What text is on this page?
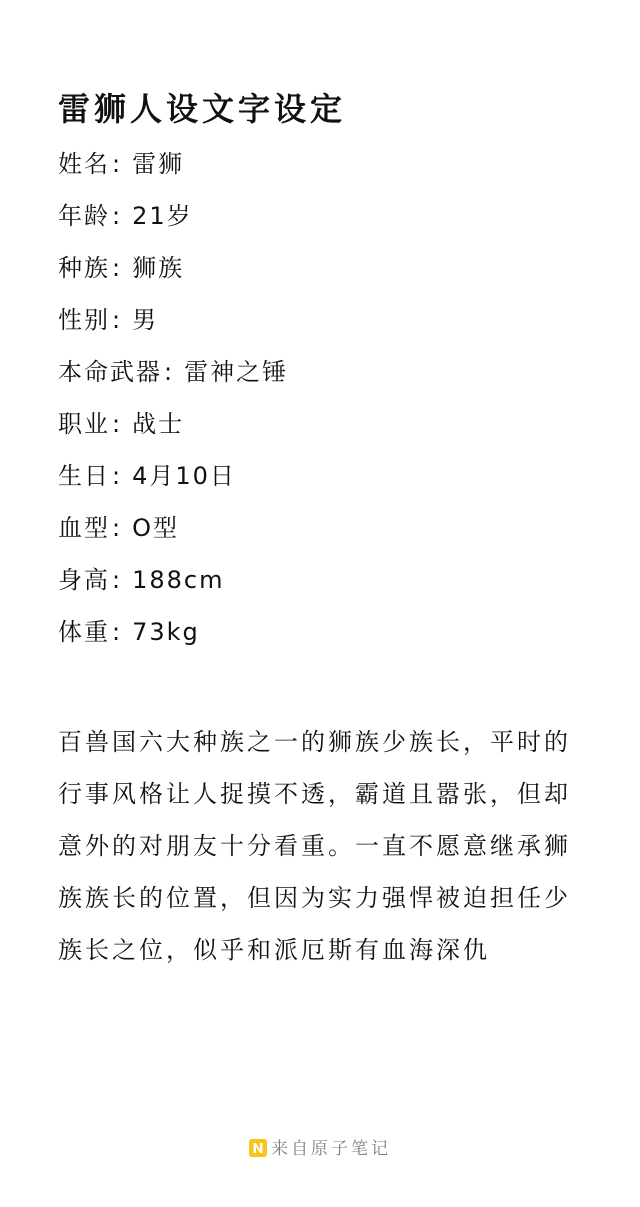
雷狮人设文字设定
姓名: 雷狮
年龄: 21岁
种族: 狮族
性别: 男
本命武器: 雷神之锤
职业: 战士
生日: 4月10日
血型: O型
身高: 188cm
体重: 73kg

百兽国六大种族之一的狮族少族长，平时的行事风格让人捉摸不透，霸道且嚣张，但却意外的对朋友十分看重。一直不愿意继承狮族族长的位置，但因为实力强悍被迫担任少族长之位，似乎和派厄斯有血海深仇

来自原子笔记
